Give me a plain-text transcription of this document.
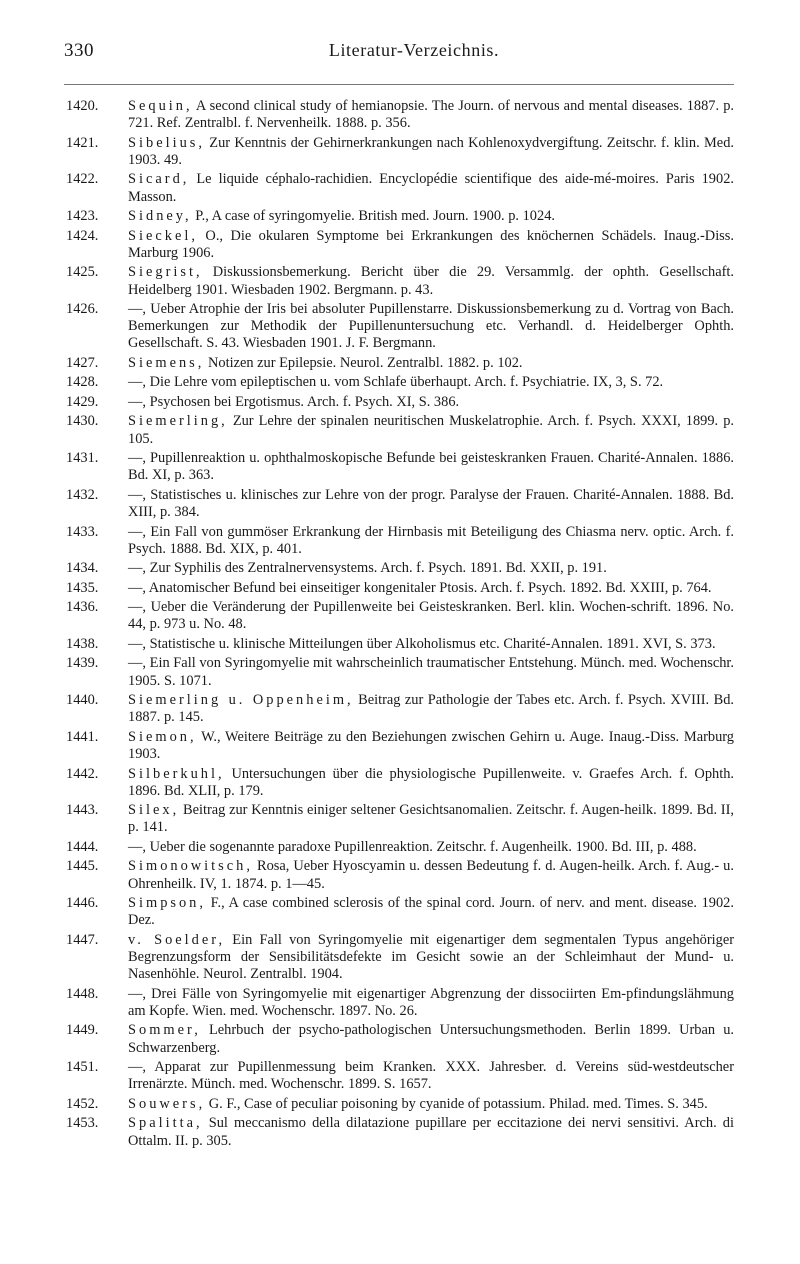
330	Literatur-Verzeichnis.
1420.	Sequin, A second clinical study of hemianopsie. The Journ. of nervous and mental diseases. 1887. p. 721. Ref. Zentralbl. f. Nervenheilk. 1888. p. 356.
1421.	Sibelius, Zur Kenntnis der Gehirnerkrankungen nach Kohlenoxydvergiftung. Zeitschr. f. klin. Med. 1903. 49.
1422.	Sicard, Le liquide céphalo-rachidien. Encyclopédie scientifique des aide-mé-moires. Paris 1902. Masson.
1423.	Sidney, P., A case of syringomyelie. British med. Journ. 1900. p. 1024.
1424.	Sieckel, O., Die okularen Symptome bei Erkrankungen des knöchernen Schädels. Inaug.-Diss. Marburg 1906.
1425.	Siegrist, Diskussionsbemerkung. Bericht über die 29. Versammlg. der ophth. Gesellschaft. Heidelberg 1901. Wiesbaden 1902. Bergmann. p. 43.
1426.	—, Ueber Atrophie der Iris bei absoluter Pupillenstarre. Diskussionsbemerkung zu d. Vortrag von Bach. Bemerkungen zur Methodik der Pupillenuntersuchung etc. Verhandl. d. Heidelberger Ophth. Gesellschaft. S. 43. Wiesbaden 1901. J. F. Bergmann.
1427.	Siemens, Notizen zur Epilepsie. Neurol. Zentralbl. 1882. p. 102.
1428.	—, Die Lehre vom epileptischen u. vom Schlafe überhaupt. Arch. f. Psychiatrie. IX, 3, S. 72.
1429.	—, Psychosen bei Ergotismus. Arch. f. Psych. XI, S. 386.
1430.	Siemerling, Zur Lehre der spinalen neuritischen Muskelatrophie. Arch. f. Psych. XXXI, 1899. p. 105.
1431.	—, Pupillenreaktion u. ophthalmoskopische Befunde bei geisteskranken Frauen. Charité-Annalen. 1886. Bd. XI, p. 363.
1432.	—, Statistisches u. klinisches zur Lehre von der progr. Paralyse der Frauen. Charité-Annalen. 1888. Bd. XIII, p. 384.
1433.	—, Ein Fall von gummöser Erkrankung der Hirnbasis mit Beteiligung des Chiasma nerv. optic. Arch. f. Psych. 1888. Bd. XIX, p. 401.
1434.	—, Zur Syphilis des Zentralnervensystems. Arch. f. Psych. 1891. Bd. XXII, p. 191.
1435.	—, Anatomischer Befund bei einseitiger kongenitaler Ptosis. Arch. f. Psych. 1892. Bd. XXIII, p. 764.
1436.	—, Ueber die Veränderung der Pupillenweite bei Geisteskranken. Berl. klin. Wochen-schrift. 1896. No. 44, p. 973 u. No. 48.
1438.	—, Statistische u. klinische Mitteilungen über Alkoholismus etc. Charité-Annalen. 1891. XVI, S. 373.
1439.	—, Ein Fall von Syringomyelie mit wahrscheinlich traumatischer Entstehung. Münch. med. Wochenschr. 1905. S. 1071.
1440.	Siemerling u. Oppenheim, Beitrag zur Pathologie der Tabes etc. Arch. f. Psych. XVIII. Bd. 1887. p. 145.
1441.	Siemon, W., Weitere Beiträge zu den Beziehungen zwischen Gehirn u. Auge. Inaug.-Diss. Marburg 1903.
1442.	Silberkuhl, Untersuchungen über die physiologische Pupillenweite. v. Graefes Arch. f. Ophth. 1896. Bd. XLII, p. 179.
1443.	Silex, Beitrag zur Kenntnis einiger seltener Gesichtsanomalien. Zeitschr. f. Augen-heilk. 1899. Bd. II, p. 141.
1444.	—, Ueber die sogenannte paradoxe Pupillenreaktion. Zeitschr. f. Augenheilk. 1900. Bd. III, p. 488.
1445.	Simonowitsch, Rosa, Ueber Hyoscyamin u. dessen Bedeutung f. d. Augen-heilk. Arch. f. Aug.- u. Ohrenheilk. IV, 1. 1874. p. 1—45.
1446.	Simpson, F., A case combined sclerosis of the spinal cord. Journ. of nerv. and ment. disease. 1902. Dez.
1447.	v. Soelder, Ein Fall von Syringomyelie mit eigenartiger dem segmentalen Typus angehöriger Begrenzungsform der Sensibilitätsdefekte im Gesicht sowie an der Schleimhaut der Mund- u. Nasenhöhle. Neurol. Zentralbl. 1904.
1448.	—, Drei Fälle von Syringomyelie mit eigenartiger Abgrenzung der dissociirten Em-pfindungslähmung am Kopfe. Wien. med. Wochenschr. 1897. No. 26.
1449.	Sommer, Lehrbuch der psycho-pathologischen Untersuchungsmethoden. Berlin 1899. Urban u. Schwarzenberg.
1451.	—, Apparat zur Pupillenmessung beim Kranken. XXX. Jahresber. d. Vereins süd-westdeutscher Irrenärzte. Münch. med. Wochenschr. 1899. S. 1657.
1452.	Souwers, G. F., Case of peculiar poisoning by cyanide of potassium. Philad. med. Times. S. 345.
1453.	Spalitta, Sul meccanismo della dilatazione pupillare per eccitazione dei nervi sensitivi. Arch. di Ottalm. II. p. 305.
